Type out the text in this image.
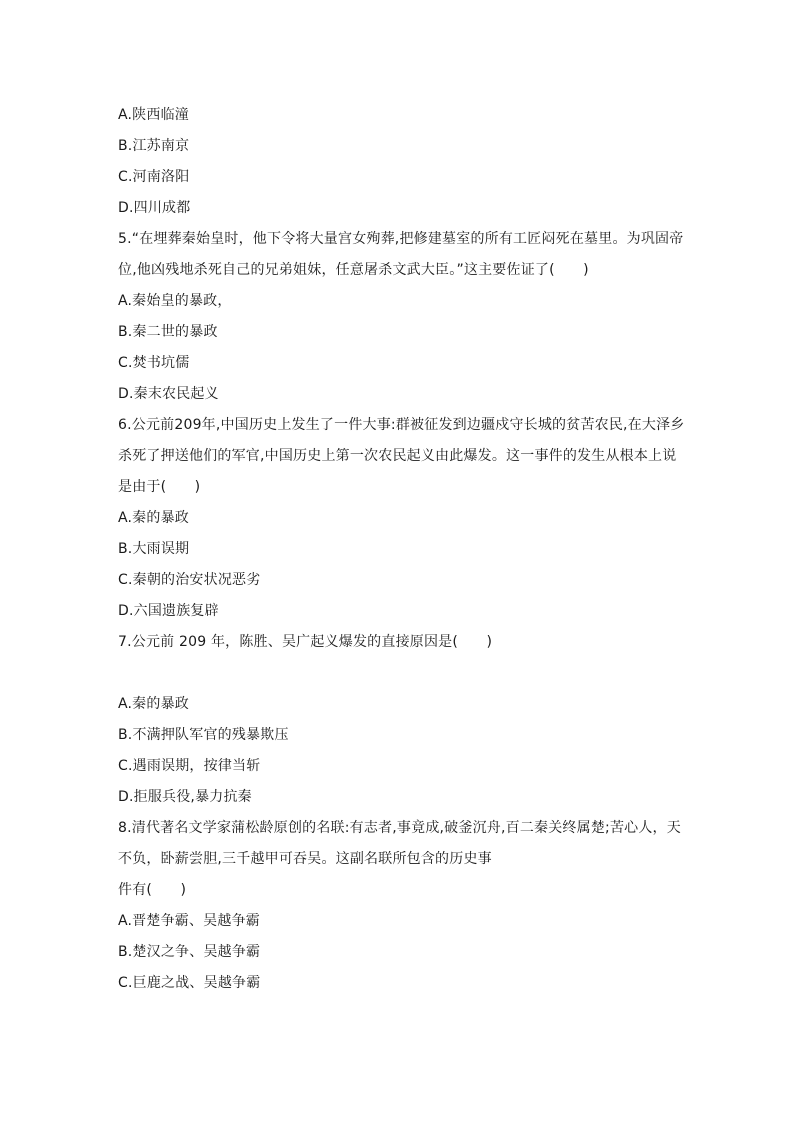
A.陕西临潼
B.江苏南京
C.河南洛阳
D.四川成都
5.“在埋葬秦始皇时，他下令将大量宫女殉葬,把修建墓室的所有工匠闷死在墓里。为巩固帝
位,他凶残地杀死自己的兄弟姐妹，任意屠杀文武大臣。”这主要佐证了(　　)
A.秦始皇的暴政，
B.秦二世的暴政
C.焚书坑儒
D.秦末农民起义
6.公元前209年,中国历史上发生了一件大事:群被征发到边疆戍守长城的贫苦农民,在大泽乡
杀死了押送他们的军官,中国历史上第一次农民起义由此爆发。这一事件的发生从根本上说
是由于(　　)
A.秦的暴政
B.大雨误期
C.秦朝的治安状况恶劣
D.六国遗族复辟
7.公元前 209 年，陈胜、吴广起义爆发的直接原因是(　　)
A.秦的暴政
B.不满押队军官的残暴欺压
C.遇雨误期，按律当斩
D.拒服兵役,暴力抗秦
8.清代著名文学家蒲松龄原创的名联:有志者,事竟成,破釜沉舟,百二秦关终属楚;苦心人，天
不负，卧薪尝胆,三千越甲可吞吴。这副名联所包含的历史事
件有(　　)
A.晋楚争霸、吴越争霸
B.楚汉之争、吴越争霸
C.巨鹿之战、吴越争霸
